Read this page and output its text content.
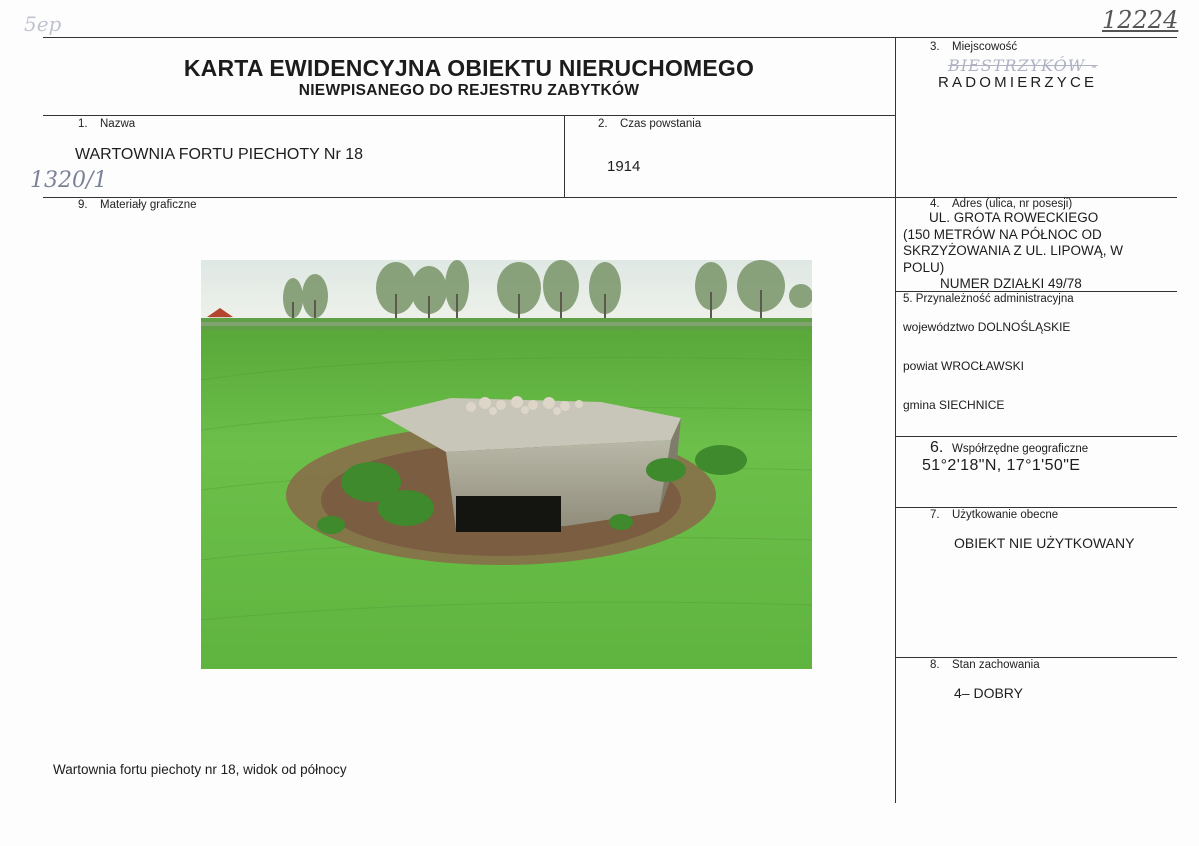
5ep	12224
1320/1
KARTA EWIDENCYJNA OBIEKTU NIERUCHOMEGO
NIEWPISANEGO DO REJESTRU ZABYTKÓW
3. Miejscowość
BIESTRZYKÓW -
RADOMIERZYCE
1. Nazwa
WARTOWNIA FORTU PIECHOTY Nr 18
2. Czas powstania
1914
9. Materiały graficzne	4. Adres (ulica, nr posesji)
UL. GROTA ROWECKIEGO
(150 METRÓW NA PÓŁNOC OD
SKRZYŻOWANIA Z UL. LIPOWĄ, W
POLU)
NUMER DZIAŁKI 49/78
5. Przynależność administracyjna
województwo DOLNOŚLĄSKIE
powiat WROCŁAWSKI
gmina SIECHNICE
6. Współrzędne geograficzne
51°2'18"N, 17°1'50"E
7. Użytkowanie obecne
OBIEKT NIE UŻYTKOWANY
8. Stan zachowania
4– DOBRY
Wartownia fortu piechoty nr 18, widok od północy
